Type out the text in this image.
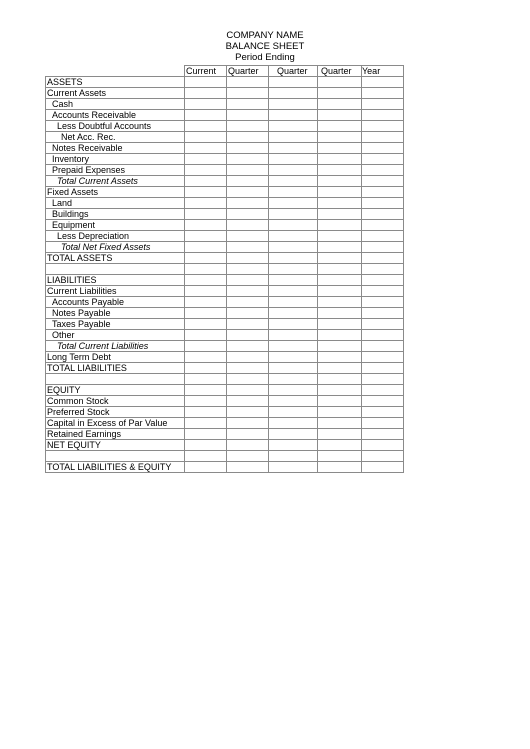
COMPANY NAME
BALANCE SHEET
Period Ending
	Current	Quarter	Quarter	Quarter	Year
ASSETS					
Current Assets					
Cash					
Accounts Receivable					
Less Doubtful Accounts					
Net Acc. Rec.					
Notes Receivable					
Inventory					
Prepaid Expenses					
Total Current Assets					
Fixed Assets					
Land					
Buildings					
Equipment					
Less Depreciation					
Total Net Fixed Assets					
TOTAL ASSETS					

LIABILITIES					
Current Liabilities					
Accounts Payable					
Notes Payable					
Taxes Payable					
Other					
Total Current Liabilities					
Long Term Debt					
TOTAL LIABILITIES					

EQUITY					
Common Stock					
Preferred Stock					
Capital in Excess of Par Value					
Retained Earnings					
NET EQUITY					

TOTAL LIABILITIES & EQUITY					
